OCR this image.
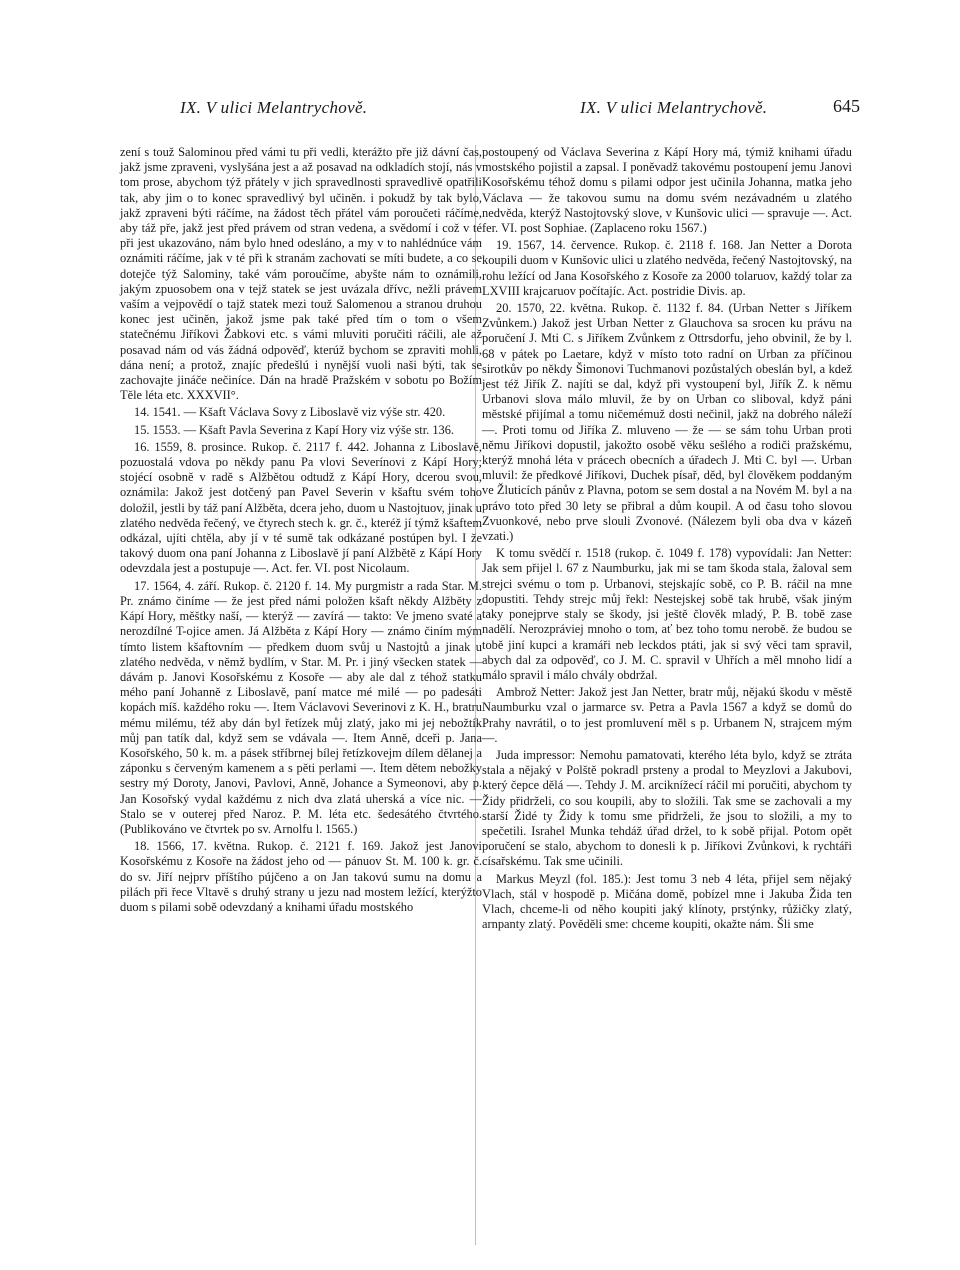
IX. V ulici Melantrychově.	IX. V ulici Melantrychově.	645

zení s touž Salominou před vámi tu při vedli, kterážto pře již dávní čas, jakž jsme zpraveni, vyslyšána jest a až posavad na odkladích stojí, nás v tom prose, abychom týž přátely v jich spravedlnosti spravedlivě opatřili tak, aby jim o to konec spravedlivý byl učiněn. i pokudž by tak bylo, jakž zpraveni býti ráčíme, na žádost těch přátel vám poroučeti ráčíme, aby táž pře, jakž jest před právem od stran vedena, a svědomí i což v té při jest ukazováno, nám bylo hned odesláno, a my v to nahlédnúce vám oznámiti ráčíme, jak v té při k stranám zachovati se míti budete, a co se dotejče týž Salominy, také vám poroučíme, abyšte nám to oznámili, jakým zpuosobem ona v tejž statek se jest uvázala dřívc, nežli právem vaším a vejpovědí o tajž statek mezi touž Salomenou a stranou druhou konec jest učiněn, jakož jsme pak také před tím o tom o všem statečnému Jiříkovi Žabkovi etc. s vámi mluviti poručiti ráčili, ale až posavad nám od vás žádná odpověď, kterúž bychom se zpraviti mohli, dána není; a protož, znajíc předešlú i nynější vuoli naši býti, tak se zachovajte jináče nečiníce. Dán na hradě Pražském v sobotu po Božím Těle léta etc. XXXVII°.

14. 1541. — Kšaft Václava Sovy z Liboslavě viz výše str. 420.

15. 1553. — Kšaft Pavla Severina z Kapí Hory viz výše str. 136.

16. 1559, 8. prosince. Rukop. č. 2117 f. 442. Johanna z Liboslavě, pozuostalá vdova po někdy panu Pa vlovi Severínovi z Kápí Hory; stojécí osobně v radě s Alžbětou odtudž z Kápí Hory, dcerou svou, oznámila: Jakož jest dotčený pan Pavel Severin v kšaftu svém toho doložil, jestli by táž paní Alžběta, dcera jeho, duom u Nastojtuov, jinak u zlatého nedvěda řečený, ve čtyrech stech k. gr. č., kteréž jí týmž kšaftem odkázal, ujíti chtěla, aby jí v té sumě tak odkázané postúpen byl. I že takový duom ona paní Johanna z Liboslavě jí paní Alžbětě z Kápí Hory odevzdala jest a postupuje —. Act. fer. VI. post Nicolaum.

17. 1564, 4. září. Rukop. č. 2120 f. 14. My purgmistr a rada Star. M. Pr. známo činíme — že jest před námi položen kšaft někdy Alžběty z Kápí Hory, měštky naší, — kterýž — zavírá — takto: Ve jmeno svaté a nerozdílné T-ojice amen. Já Alžběta z Kápí Hory — známo činím mým tímto listem kšaftovním — předkem duom svůj u Nastojtů a jinak u zlatého nedvěda, v němž bydlím, v Star. M. Pr. i jiný všecken statek — dávám p. Janovi Kosořskému z Kosoře — aby ale dal z téhož statku mého paní Johanně z Liboslavě, paní matce mé milé — po padesáti kopách míš. každého roku —. Item Václavovi Severinovi z K. H., bratru mému milému, též aby dán byl řetízek můj zlatý, jako mi jej nebožtík můj pan tatík dal, když sem se vdávala —. Item Anně, dceři p. Jana Kosořského, 50 k. m. a pásek stříbrnej bílej řetízkovejm dílem dělanej a záponku s červeným kamenem a s pěti perlami —. Item dětem nebožky sestry mý Doroty, Janovi, Pavlovi, Anně, Johance a Symeonovi, aby p. Jan Kosořský vydal každému z nich dva zlatá uherská a více nic. — Stalo se v outerej před Naroz. P. M. léta etc. šedesátého čtvrtého. (Publikováno ve čtvrtek po sv. Arnolfu l. 1565.)

18. 1566, 17. května. Rukop. č. 2121 f. 169. Jakož jest Janovi Kosořskému z Kosoře na žádost jeho od — pánuov St. M. 100 k. gr. č. do sv. Jiří nejprv příštího pújčeno a on Jan takovú sumu na domu a pilách při řece Vltavě s druhý strany u jezu nad mostem ležící, kterýžto duom s pilami sobě odevzdaný a knihami úřadu mostského

postoupený od Václava Severina z Kápí Hory má, týmiž knihami úřadu mostského pojistil a zapsal. I poněvadž takovému postoupení jemu Janovi Kosořskému téhož domu s pilami odpor jest učinila Johanna, matka jeho Václava — že takovou sumu na domu svém nezávadném u zlatého nedvěda, kterýž Nastojtovský slove, v Kunšovic ulici — spravuje —. Act. fer. VI. post Sophiae. (Zaplaceno roku 1567.)

19. 1567, 14. července. Rukop. č. 2118 f. 168. Jan Netter a Dorota koupili duom v Kunšovic ulici u zlatého nedvěda, řečený Nastojtovský, na rohu ležící od Jana Kosořského z Kosoře za 2000 tolaruov, každý tolar za LXVIII krajcaruov počítajíc. Act. postridie Divis. ap.

20. 1570, 22. května. Rukop. č. 1132 f. 84. (Urban Netter s Jiříkem Zvůnkem.) Jakož jest Urban Netter z Glauchova sa srocen ku právu na poručení J. Mti C. s Jiříkem Zvůnkem z Ottrsdorfu, jeho obvinil, že by l. 68 v pátek po Laetare, když v místo toto radní on Urban za příčinou sirotkův po někdy Šimonovi Tuchmanovi pozůstalých obeslán byl, a kdež jest též Jiřík Z. najíti se dal, když při vystoupení byl, Jiřík Z. k němu Urbanovi slova málo mluvil, že by on Urban co sliboval, když páni městské přijímal a tomu ničemémuž dosti nečinil, jakž na dobrého náleží —. Proti tomu od Jiříka Z. mluveno — že — se sám tohu Urban proti němu Jiříkovi dopustil, jakožto osobě věku sešlého a rodiči pražskému, kterýž mnohá léta v prácech obecních a úřadech J. Mti C. byl —. Urban mluvil: že předkové Jiříkovi, Duchek písař, děd, byl člověkem poddaným ve Žluticích pánův z Plavna, potom se sem dostal a na Novém M. byl a na právo toto před 30 lety se přibral a dům koupil. A od času toho slovou Zvuonkové, nebo prve slouli Zvonové. (Nálezem byli oba dva v kázeň vzati.)

K tomu svědčí r. 1518 (rukop. č. 1049 f. 178) vypovídali: Jan Netter: Jak sem přijel l. 67 z Naumburku, jak mi se tam škoda stala, žaloval sem strejci svému o tom p. Urbanovi, stejskajíc sobě, co P. B. ráčil na mne dopustiti. Tehdy strejc můj řekl: Nestejskej sobě tak hrubě, však jiným taky ponejprve staly se škody, jsi ještě člověk mladý, P. B. tobě zase nadělí. Nerozpráviej mnoho o tom, ať bez toho tomu nerobě. že budou se tobě jiní kupci a kramáři neb leckdos ptáti, jak si svý věci tam spravil, abych dal za odpověď, co J. M. C. spravil v Uhřích a měl mnoho lidí a málo spravil i málo chvály obdržal.

Ambrož Netter: Jakož jest Jan Netter, bratr můj, nějakú škodu v městě Naumburku vzal o jarmarce sv. Petra a Pavla 1567 a když se domů do Prahy navrátil, o to jest promluvení měl s p. Urbanem N, strajcem mým —.

Juda impressor: Nemohu pamatovati, kterého léta bylo, když se ztráta stala a nějaký v Polště pokradl prsteny a prodal to Meyzlovi a Jakubovi, který čepce dělá —. Tehdy J. M. arciknížecí ráčil mi poručiti, abychom ty Židy přidrželi, co sou koupili, aby to složili. Tak sme se zachovali a my starší Židé ty Židy k tomu sme přidrželi, že jsou to složili, a my to spečetili. Israhel Munka tehdáž úřad držel, to k sobě přijal. Potom opět poručení se stalo, abychom to donesli k p. Jiříkovi Zvůnkovi, k rychtáři císařskému. Tak sme učinili.

Markus Meyzl (fol. 185.): Jest tomu 3 neb 4 léta, přijel sem nějaký Vlach, stál v hospodě p. Mičána domě, pobízel mne i Jakuba Žida ten Vlach, chceme-li od něho koupiti jaký klínoty, prstýnky, růžičky zlatý, arnpanty zlatý. Pověděli sme: chceme koupiti, okažte nám. Šli sme
